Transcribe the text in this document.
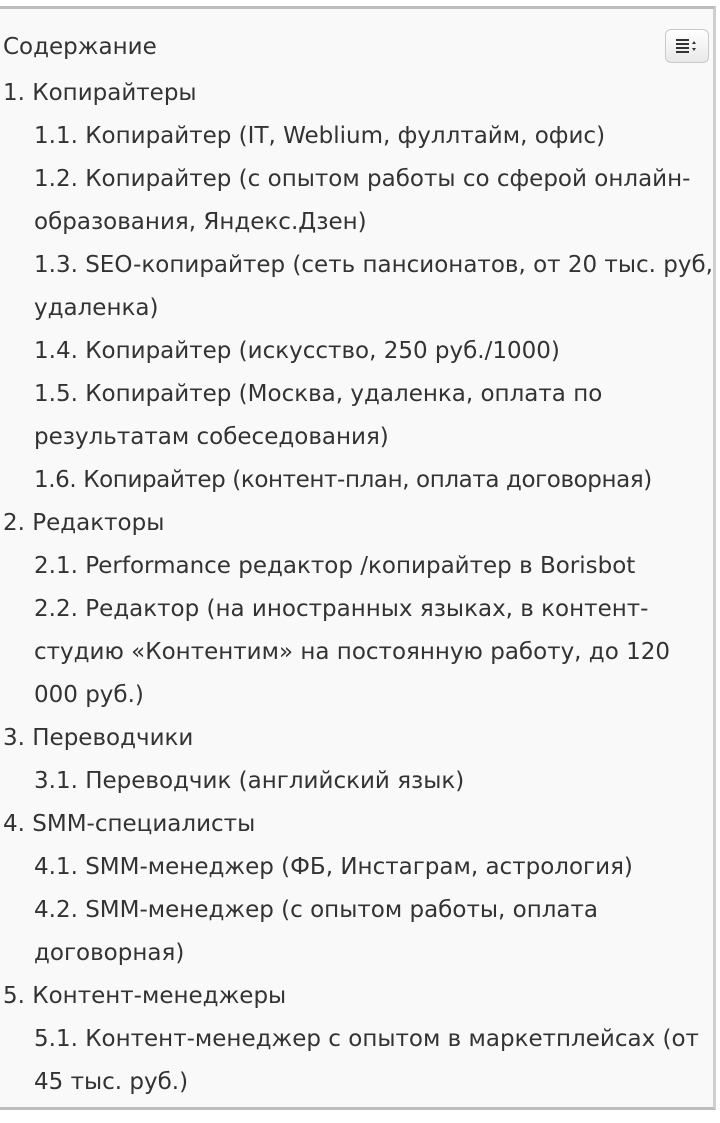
Содержание
1. Копирайтеры
1.1. Копирайтер (IT, Weblium, фуллтайм, офис)
1.2. Копирайтер (с опытом работы со сферой онлайн-образования, Яндекс.Дзен)
1.3. SEO-копирайтер (сеть пансионатов, от 20 тыс. руб, удаленка)
1.4. Копирайтер (искусство, 250 руб./1000)
1.5. Копирайтер (Москва, удаленка, оплата по результатам собеседования)
1.6. Копирайтер (контент-план, оплата договорная)
2. Редакторы
2.1. Performance редактор /копирайтер в Borisbot
2.2. Редактор (на иностранных языках, в контент-студию «Контентим» на постоянную работу, до 120 000 руб.)
3. Переводчики
3.1. Переводчик (английский язык)
4. SMM-специалисты
4.1. SMM-менеджер (ФБ, Инстаграм, астрология)
4.2. SMM-менеджер (с опытом работы, оплата договорная)
5. Контент-менеджеры
5.1. Контент-менеджер с опытом в маркетплейсах (от 45 тыс. руб.)
